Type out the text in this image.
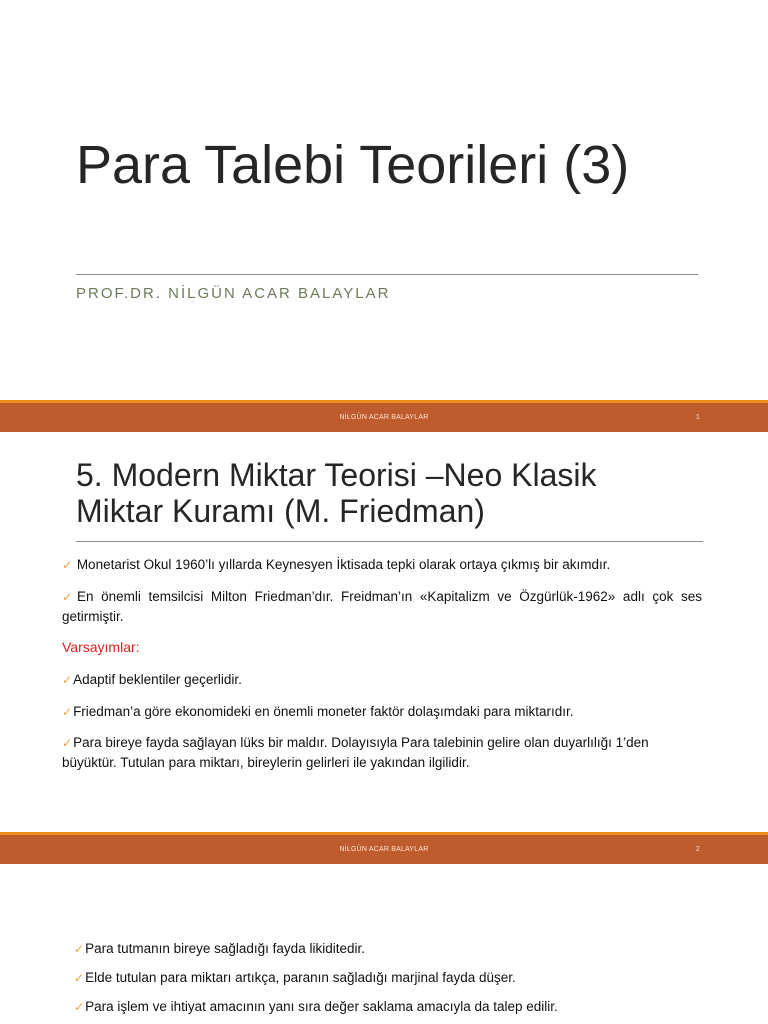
Para Talebi Teorileri (3)

PROF.DR. NİLGÜN ACAR BALAYLAR

NİLGÜN ACAR BALAYLAR	1
5. Modern Miktar Teorisi –Neo Klasik
Miktar Kuramı (M. Friedman)
✓ Monetarist Okul 1960’lı yıllarda Keynesyen İktisada tepki olarak ortaya çıkmış bir akımdır.
✓En önemli temsilcisi Milton Friedman’dır. Freidman’ın «Kapitalizm ve Özgürlük-1962» adlı çok ses getirmiştir.
Varsayımlar:
✓Adaptif beklentiler geçerlidir.
✓Friedman’a göre ekonomideki en önemli moneter faktör dolaşımdaki para miktarıdır.
✓Para bireye fayda sağlayan lüks bir maldır. Dolayısıyla Para talebinin gelire olan duyarlılığı 1’den büyüktür. Tutulan para miktarı, bireylerin gelirleri ile yakından ilgilidir.
NİLGÜN ACAR BALAYLAR	2
✓Para tutmanın bireye sağladığı fayda likiditedir.
✓Elde tutulan para miktarı artıkça, paranın sağladığı marjinal fayda düşer.
✓Para işlem ve ihtiyat amacının yanı sıra değer saklama amacıyla da talep edilir.
